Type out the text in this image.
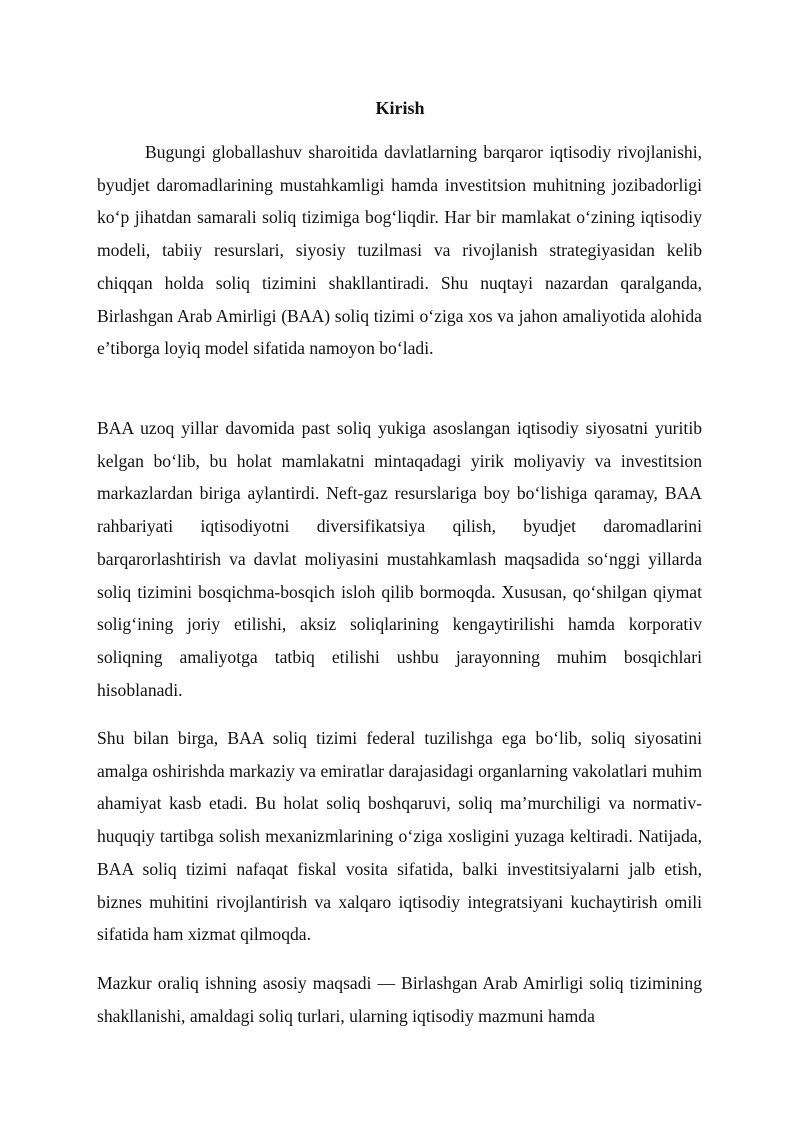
Kirish

Bugungi globallashuv sharoitida davlatlarning barqaror iqtisodiy rivojlanishi, byudjet daromadlarining mustahkamligi hamda investitsion muhitning jozibadorligi ko‘p jihatdan samarali soliq tizimiga bog‘liqdir. Har bir mamlakat o‘zining iqtisodiy modeli, tabiiy resurslari, siyosiy tuzilmasi va rivojlanish strategiyasidan kelib chiqqan holda soliq tizimini shakllantiradi. Shu nuqtayi nazardan qaralganda, Birlashgan Arab Amirligi (BAA) soliq tizimi o‘ziga xos va jahon amaliyotida alohida e’tiborga loyiq model sifatida namoyon bo‘ladi.

BAA uzoq yillar davomida past soliq yukiga asoslangan iqtisodiy siyosatni yuritib kelgan bo‘lib, bu holat mamlakatni mintaqadagi yirik moliyaviy va investitsion markazlardan biriga aylantirdi. Neft-gaz resurslariga boy bo‘lishiga qaramay, BAA rahbariyati iqtisodiyotni diversifikatsiya qilish, byudjet daromadlarini barqarorlashtirish va davlat moliyasini mustahkamlash maqsadida so‘nggi yillarda soliq tizimini bosqichma-bosqich isloh qilib bormoqda. Xususan, qo‘shilgan qiymat solig‘ining joriy etilishi, aksiz soliqlarining kengaytirilishi hamda korporativ soliqning amaliyotga tatbiq etilishi ushbu jarayonning muhim bosqichlari hisoblanadi.

Shu bilan birga, BAA soliq tizimi federal tuzilishga ega bo‘lib, soliq siyosatini amalga oshirishda markaziy va emiratlar darajasidagi organlarning vakolatlari muhim ahamiyat kasb etadi. Bu holat soliq boshqaruvi, soliq ma’murchiligi va normativ-huquqiy tartibga solish mexanizmlarining o‘ziga xosligini yuzaga keltiradi. Natijada, BAA soliq tizimi nafaqat fiskal vosita sifatida, balki investitsiyalarni jalb etish, biznes muhitini rivojlantirish va xalqaro iqtisodiy integratsiyani kuchaytirish omili sifatida ham xizmat qilmoqda.

Mazkur oraliq ishning asosiy maqsadi — Birlashgan Arab Amirligi soliq tizimining shakllanishi, amaldagi soliq turlari, ularning iqtisodiy mazmuni hamda
